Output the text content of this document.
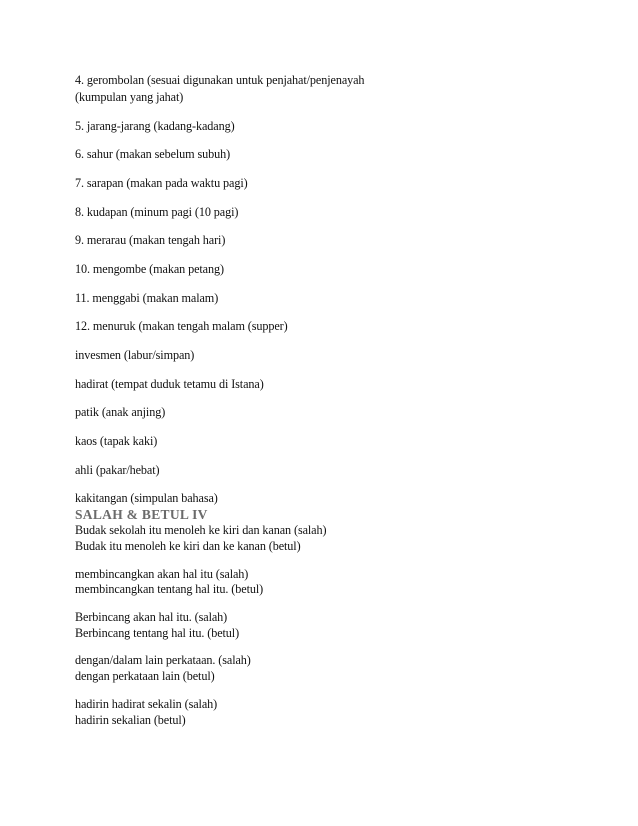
4. gerombolan (sesuai digunakan untuk penjahat/penjenayah
(kumpulan yang jahat)
5. jarang-jarang (kadang-kadang)
6. sahur (makan sebelum subuh)
7. sarapan (makan pada waktu pagi)
8. kudapan (minum pagi (10 pagi)
9. merarau (makan tengah hari)
10. mengombe (makan petang)
11. menggabi (makan malam)
12. menuruk (makan tengah malam (supper)
invesmen (labur/simpan)
hadirat (tempat duduk tetamu di Istana)
patik (anak anjing)
kaos (tapak kaki)
ahli (pakar/hebat)
kakitangan (simpulan bahasa)
SALAH & BETUL IV
Budak sekolah itu menoleh ke kiri dan kanan (salah)
Budak itu menoleh ke kiri dan ke kanan (betul)
membincangkan akan hal itu (salah)
membincangkan tentang hal itu. (betul)
Berbincang akan hal itu. (salah)
Berbincang tentang hal itu. (betul)
dengan/dalam lain perkataan. (salah)
dengan perkataan lain (betul)
hadirin hadirat sekalin (salah)
hadirin sekalian (betul)
